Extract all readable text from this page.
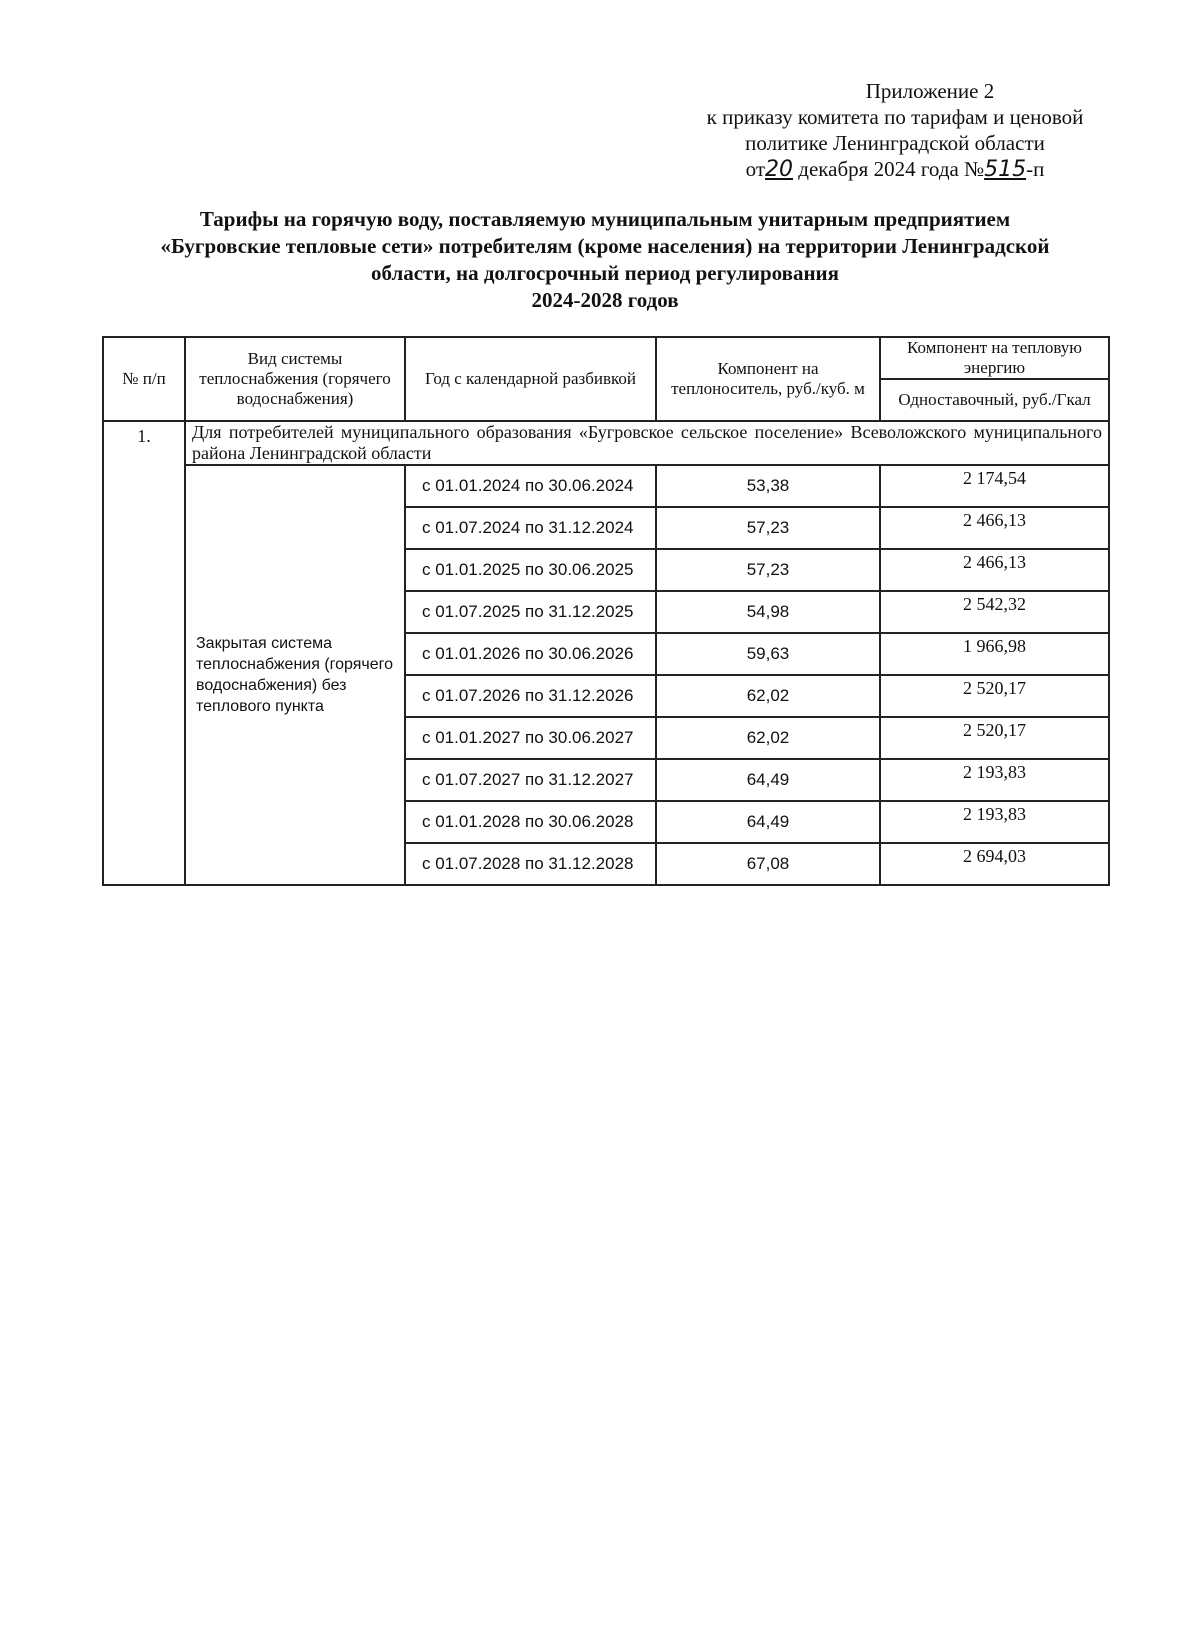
Приложение 2
к приказу комитета по тарифам и ценовой
политике Ленинградской области
от20 декабря 2024 года №515-п
Тарифы на горячую воду, поставляемую муниципальным унитарным предприятием
«Бугровские тепловые сети» потребителям (кроме населения) на территории Ленинградской
области, на долгосрочный период регулирования
2024-2028 годов
№ п/п	Вид системы теплоснабжения (горячего водоснабжения)	Год с календарной разбивкой	Компонент на теплоноситель, руб./куб. м	Компонент на тепловую энергию
				Одноставочный, руб./Гкал
1.	Для потребителей муниципального образования «Бугровское сельское поселение» Всеволожского муниципального района Ленинградской области			
	Закрытая система теплоснабжения (горячего водоснабжения) без теплового пункта	с 01.01.2024 по 30.06.2024	53,38	2 174,54
		с 01.07.2024 по 31.12.2024	57,23	2 466,13
		с 01.01.2025 по 30.06.2025	57,23	2 466,13
		с 01.07.2025 по 31.12.2025	54,98	2 542,32
		с 01.01.2026 по 30.06.2026	59,63	1 966,98
		с 01.07.2026 по 31.12.2026	62,02	2 520,17
		с 01.01.2027 по 30.06.2027	62,02	2 520,17
		с 01.07.2027 по 31.12.2027	64,49	2 193,83
		с 01.01.2028 по 30.06.2028	64,49	2 193,83
		с 01.07.2028 по 31.12.2028	67,08	2 694,03
